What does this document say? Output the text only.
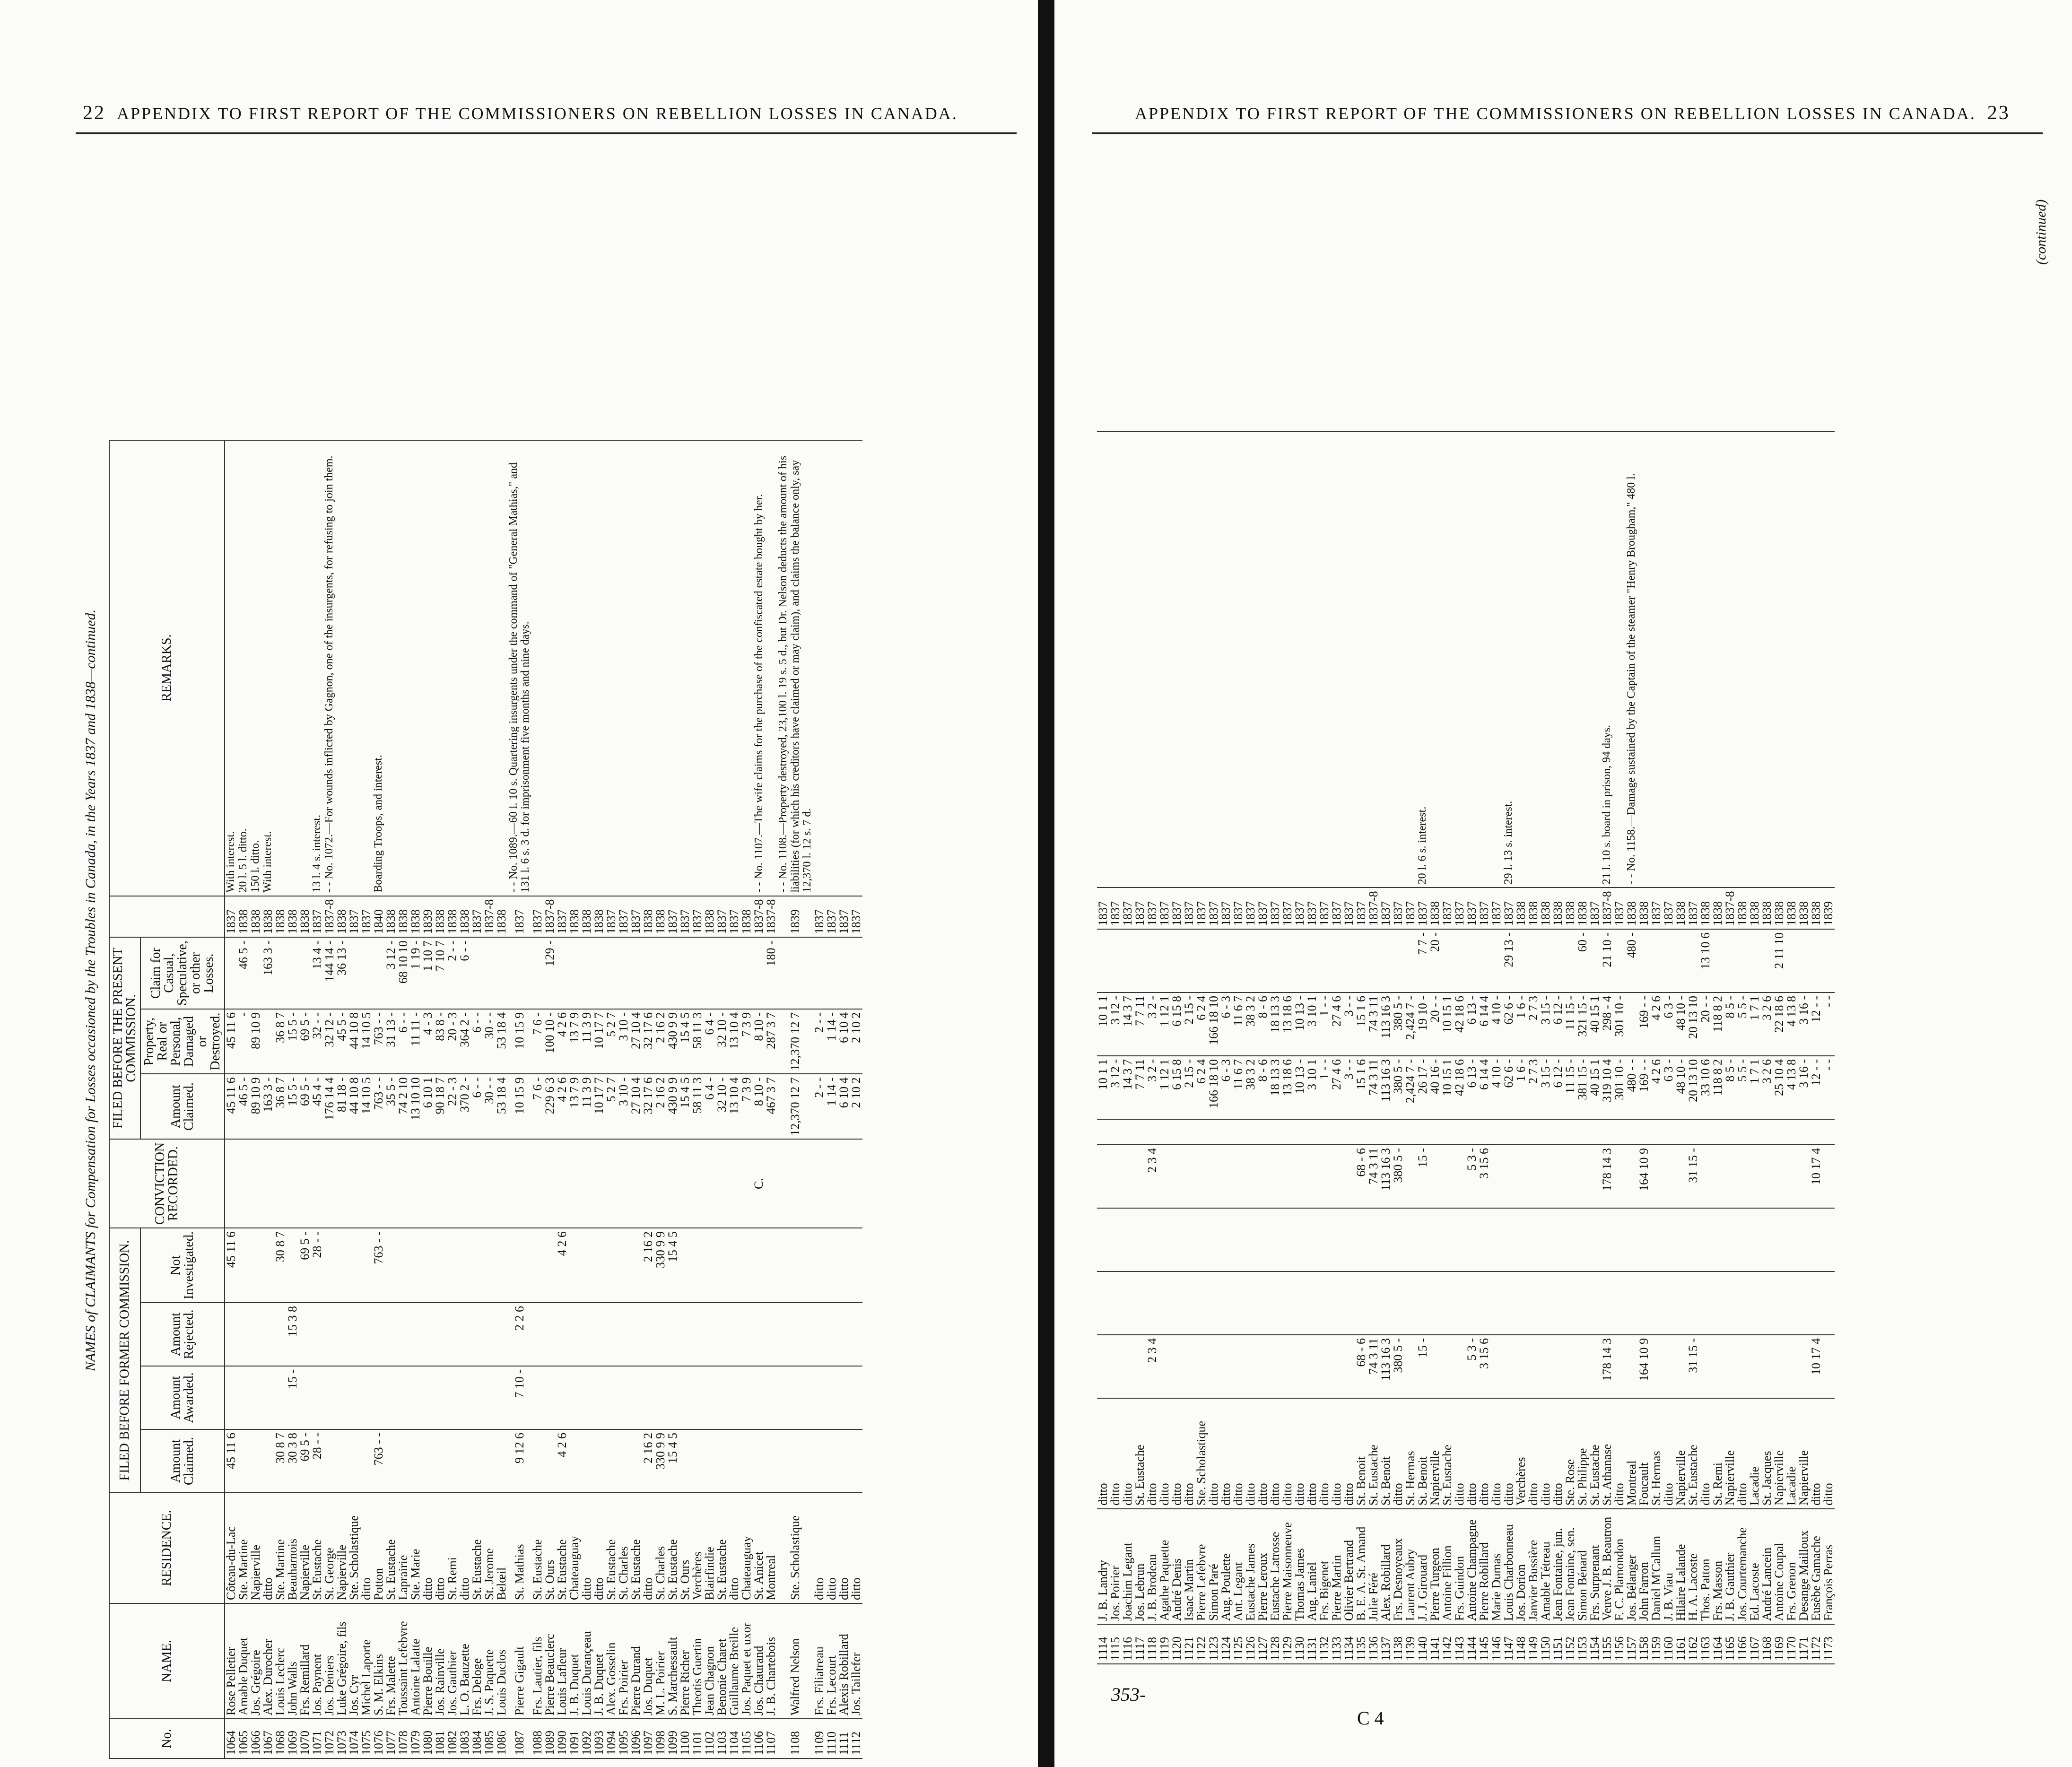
22 APPENDIX TO FIRST REPORT OF THE COMMISSIONERS ON REBELLION LOSSES IN CANADA.
NAMES of CLAIMANTS for Compensation for Losses occasioned by the Troubles in Canada, in the Years 1837 and 1838—continued.
No.	NAME.	RESIDENCE.	FILED BEFORE FORMER COMMISSION.				CONVICTION RECORDED.	FILED BEFORE THE PRESENT COMMISSION.				REMARKS.
			Amount Claimed.	Amount Awarded.	Amount Rejected.	Not Investigated.		Amount Claimed.	Property, Real or Personal, Damaged or Destroyed.	Claim for Casual, Speculative, or other Losses.		
1064	Rose Pelletier	Côteau-du-Lac	45 11 6			45 11 6		45 11 6	45 11 6		1837	With interest.
1065	Amable Duquet	Ste. Martine						46 5 -	-	46 5 -	1838	20 l. 5 l. ditto.
1066	Jos. Grégoire	Napierville						89 10 9	89 10 9		1838	150 l. ditto.
1067	Alex. Durocher	ditto						163 3 -		163 3 -	1838	With interest.
1068	Louis Leclerc	Ste. Martine	30 8 7			30 8 7		36 8 7	36 8 7		1838	
1069	John Walls	Beauharnois	30 3 8	15 -	15 3 8			15 5 -	15 5 -		1838	
1070	Frs. Remillard	Napierville	69 5 -			69 5 -		69 5 -	69 5 -		1838	
1071	Jos. Paynent	St. Eustache	28 - -			28 - -		45 4 -	32 - -	13 4 -	1837	13 l. 4 s. interest.
1072	Jos. Deniers	St. George						176 14 4	32 12 -	144 14 -	1837-8	- - No. 1072.—For wounds inflicted by Gagnon, one of the insurgents, for refusing to join them.
1073	Luke Grégoire, fils	Napierville						81 18 -	45 5 -	36 13 -	1838	
1074	Jos. Cyr	Ste. Scholastique						44 10 8	44 10 8		1837	
1075	Michel Laporte	ditto						14 10 5	14 10 5		1837	
1076	S. M. Elkins	Potton	763 - -			763 - -		763 - -	763 - -		1840	Boarding Troops, and interest.
1077	Frs. Malette	St. Eustache						35 5 -	31 13 -	3 12 -	1838	
1078	Toussaint Lefebvre	Laprairie						74 2 10	6 - -	68 10 10	1838	
1079	Antoine Lalatte	Ste. Marie						13 10 10	11 11 -	1 19 -	1838	
1080	Pierre Bouille	ditto						6 10 1	4 - 3	1 10 7	1839	
1081	Jos. Rainville	ditto						90 18 7	83 8 -	7 10 7	1838	
1082	Jos. Gauthier	St. Remi						22 - 3	20 - 3	2 - -	1838	
1083	L. O. Bauzette	ditto						370 2 -	364 2 -	6 - -	1838	
1084	Frs. Deloge	St. Eustache						6 - -	6 - -		1837	
1085	J. S. Paquette	St. Jerome						30 - -	30 - -		1837-8	
1086	Louis Duclos	Belœil						53 18 4	53 18 4		1838	
1087	Pierre Gigault	St. Mathias	9 12 6	7 10 -	2 2 6			10 15 9	10 15 9		1837	- - No. 1089.—60 l. 10 s. Quartering insurgents under the command of "General Mathias," and 131 l. 6 s. 3 d. for imprisonment five months and nine days.
1088	Frs. Lautier, fils	St. Eustache						7 6 -	7 6 -		1837	
1089	Pierre Beauclerc	St. Ours						229 6 3	100 10 -	129 -	1837-8	
1090	Louis Lafleur	St. Eustache	4 2 6			4 2 6		4 2 6	4 2 6		1837	
1091	J. B. Duquet	Chateauguay						13 7 9	13 7 9		1838	
1092	Louis Durançeau	ditto						11 3 9	11 3 9		1838	
1093	J. B. Duquet	ditto						10 17 7	10 17 7		1838	
1094	Alex. Gosselin	St. Eustache						5 2 7	5 2 7		1837	
1095	Frs. Poirier	St. Charles						3 10 -	3 10 -		1837	
1096	Pierre Durand	St. Eustache						27 10 4	27 10 4		1837	
1097	Jos. Duquet	ditto	2 16 2			2 16 2		32 17 6	32 17 6		1838	
1098	M. L. Poirier	St. Charles	330 9 9			330 9 9		2 16 2	2 16 2		1838	
1099	S. Marchessault	St. Eustache	15 4 5			15 4 5		430 9 9	430 9 9		1837	
1100	Pierre Richer	St. Ours						15 4 5	15 4 5		1837	
1101	Theotis Guertin	Verchères						58 11 3	58 11 3		1837	
1102	Jean Chagnon	Blairfindie						6 4 -	6 4 -		1838	
1103	Benonie Charet	St. Eustache						32 10 -	32 10 -		1837	
1104	Guillaume Breille	ditto						13 10 4	13 10 4		1837	
1105	Jos. Paquet et uxor	Chateauguay						7 3 9	7 3 9		1838	
1106	Jos. Chaurand	St. Anicet					C.	8 10 -	8 10 -		1837-8	- - No. 1107.—The wife claims for the purchase of the confiscated estate bought by her.
1107	J. B. Chartebois	Montreal						467 3 7	287 3 7	180 -	1837-8	
1108	Walfred Nelson	Ste. Scholastique						12,370 12 7	12,370 12 7		1839	- - No. 1108.—Property destroyed, 23,100 l. 19 s. 5 d., but Dr. Nelson deducts the amount of his liabilities (for which his creditors have claimed or may claim), and claims the balance only, say 12,370 l. 12 s. 7 d.
1109	Frs. Filiatreau	ditto						2 - -	2 - -		1837	
1110	Frs. Lecourt	ditto						1 14 -	1 14 -		1837	
1111	Alexis Robillard	ditto						6 10 4	6 10 4		1837	
1112	Jos. Taillefer	ditto						2 10 2	2 10 2		1837	
APPENDIX TO FIRST REPORT OF THE COMMISSIONERS ON REBELLION LOSSES IN CANADA. 23
1114	J. B. Landry	ditto						10 1 1	10 1 1		1837	
1115	Jos. Poirier	ditto						3 12 -	3 12 -		1837	
1116	Joachim Legant	ditto						14 3 7	14 3 7		1837	
1117	Jos. Lebrun	St. Eustache						7 7 11	7 7 11		1837	
1118	J. B. Brodeau	ditto	2 3 4			2 3 4		3 2 -	3 2 -		1837	
1119	Agathe Paquette	ditto						1 12 1	1 12 1		1837	
1120	André Denis	ditto						6 15 8	6 15 8		1837	
1121	Isaac Martin	ditto						2 15 -	2 15 -		1837	
1122	Pierre Lefebvre	Ste. Scholastique						6 2 4	6 2 4		1837	
1123	Simon Paré	ditto						166 18 10	166 18 10		1837	
1124	Aug. Poulette	ditto						6 - 3	6 - 3		1837	
1125	Ant. Legant	ditto						11 6 7	11 6 7		1837	
1126	Eustache James	ditto						38 3 2	38 3 2		1837	
1127	Pierre Leroux	ditto						8 - 6	8 - 6		1837	
1128	Eustache Latrosse	ditto						18 13 3	18 13 3		1837	
1129	Pierre Maisonneuve	ditto						13 18 6	13 18 6		1837	
1130	Thomas James	ditto						10 13 -	10 13 -		1837	
1131	Aug. Laniel	ditto						3 10 1	3 10 1		1837	
1132	Frs. Bigenet	ditto						1 - -	1 - -		1837	
1133	Pierre Martin	ditto						27 4 6	27 4 6		1837	
1134	Olivier Bertrand	ditto						3 - -	3 - -		1837	
1135	B. E. A. St. Amand	St. Benoit	68 - 6			68 - 6		15 1 6	15 1 6		1837	
1136	Julie Féré	St. Eustache	74 3 11			74 3 11		74 3 11	74 3 11		1837-8	
1137	Alex. Robillard	St. Benoit	113 16 3			113 16 3		113 16 3	113 16 3		1837	
1138	Frs. Desnoyeaux	ditto	380 5 -			380 5 -		380 5 -	380 5 -		1837	
1139	Laurent Aubry	St. Hermas						2,424 7 -	2,424 7 -		1837	
1140	J. J. Girouard	St. Benoit	15 -			15 -		26 17 -	19 10 -	7 7 -	1837	20 l. 6 s. interest.
1141	Pierre Turgeon	Napierville						40 16 -	20 - -	20 -	1838	
1142	Antoine Fillion	St. Eustache						10 15 1	10 15 1		1837	
1143	Frs. Guindon	ditto						42 18 6	42 18 6		1837	
1144	Antoine Champagne	ditto	5 3 -			5 3 -		6 13 -	6 13 -		1837	
1145	Pierre Robillard	ditto	3 15 6			3 15 6		6 14 4	6 14 4		1837	
1146	Marie Dumas	ditto						4 10 -	4 10 -		1837	
1147	Louis Charbonneau	ditto						62 6 -	62 6 -	29 13 -	1837	29 l. 13 s. interest.
1148	Jos. Dorion	Verchères						1 6 -	1 6 -		1838	
1149	Janvier Bussière	ditto						2 7 3	2 7 3		1838	
1150	Amable Tétreau	ditto						3 15 -	3 15 -		1838	
1151	Jean Fontaine, jun.	ditto						6 12 -	6 12 -		1838	
1152	Jean Fontaine, sen.	Ste. Rose						11 15 -	11 15 -		1838	
1153	Simon Bénard	St. Philippe						381 15 -	321 15 -	60 -	1838	
1154	Frs. Surprenant	St. Eustache						40 15 1	40 15 1		1837	
1155	Veuve J. B. Beautron	St. Athanase	178 14 3			178 14 3		319 10 4	298 - 4	21 10 -	1837-8	21 l. 10 s. board in prison, 94 days.
1156	F. C. Plamondon	ditto						301 10 -	301 10 -		1837	
1157	Jos. Bélanger	Montreal						480 - -		480 -	1838	- - No. 1158.—Damage sustained by the Captain of the steamer "Henry Brougham," 480 l.
1158	John Farron	Foucault	164 10 9			164 10 9		169 - -	169 - -		1838	
1159	Daniel M'Callum	St. Hermas						4 2 6	4 2 6		1837	
1160	J. B. Viau	ditto						6 3 -	6 3 -		1837	
1161	Hilaire Lalande	Napierville						48 10 -	48 10 -		1838	
1162	H. A. Lacoste	St. Eustache	31 15 -			31 15 -		20 13 10	20 13 10		1837	
1163	Thos. Patton	ditto						33 10 6	20 - -	13 10 6	1838	
1164	Frs. Masson	St. Remi						118 8 2	118 8 2		1838	
1165	J. B. Gauthier	Napierville						8 5 -	8 5 -		1837-8	
1166	Jos. Courtemanche	ditto						5 5 -	5 5 -		1838	
1167	Ed. Lacoste	Lacadie						1 7 1	1 7 1		1838	
1168	André Lancein	St. Jacques						3 2 6	3 2 6		1838	
1169	Antoine Coupal	Napierville						25 10 4	22 18 6	2 11 10	1838	
1170	Frs. Grenon	Lacadie						4 13 8	4 13 8		1838	
1171	Desange Mailloux	Napierville						3 16 -	3 16 -		1838	
1172	Eusèbe Gamache	ditto	10 17 4			10 17 4		12 - -	12 - -		1838	
1173	François Perras	ditto						- -	- -		1839	
(continued)
353-
C 4
